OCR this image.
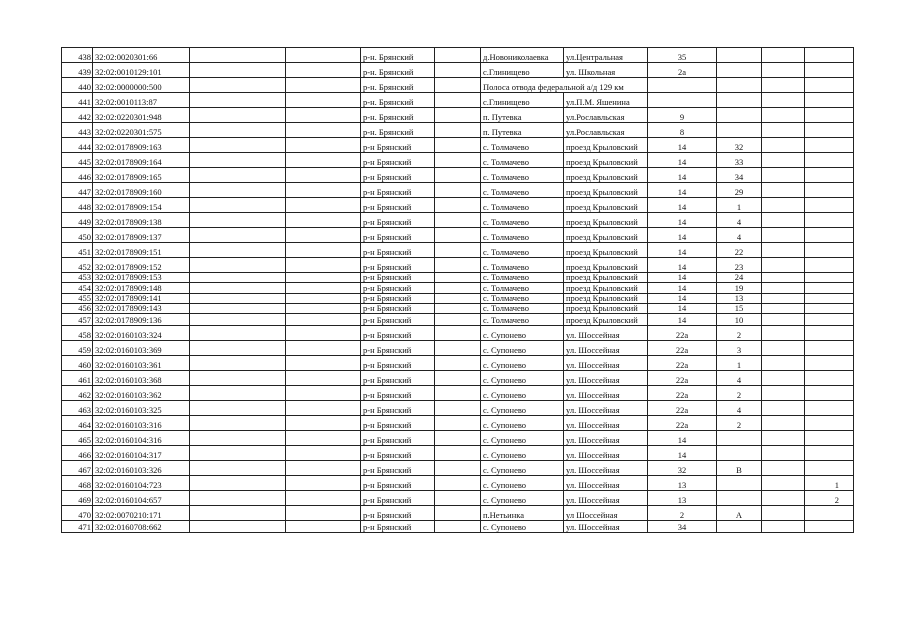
438	32:02:0020301:66			р-н. Брянский		д.Новониколаевка	ул.Центральная	35			
439	32:02:0010129:101			р-н. Брянский		с.Глинищево	ул. Школьная	2а			
440	32:02:0000000:500			р-н. Брянский		Полоса отвода федеральной а/д 129 км					
441	32:02:0010113:87			р-н. Брянский		с.Глинищево	ул.П.М. Яшенина				
442	32:02:0220301:948			р-н. Брянский		п. Путевка	ул.Рославльская	9			
443	32:02:0220301:575			р-н. Брянский		п. Путевка	ул.Рославльская	8			
444	32:02:0178909:163			р-н Брянский		с. Толмачево	проезд Крыловский	14	32		
445	32:02:0178909:164			р-н Брянский		с. Толмачево	проезд Крыловский	14	33		
446	32:02:0178909:165			р-н Брянский		с. Толмачево	проезд Крыловский	14	34		
447	32:02:0178909:160			р-н Брянский		с. Толмачево	проезд Крыловский	14	29		
448	32:02:0178909:154			р-н Брянский		с. Толмачево	проезд Крыловский	14	1		
449	32:02:0178909:138			р-н Брянский		с. Толмачево	проезд Крыловский	14	4		
450	32:02:0178909:137			р-н Брянский		с. Толмачево	проезд Крыловский	14	4		
451	32:02:0178909:151			р-н Брянский		с. Толмачево	проезд Крыловский	14	22		
452	32:02:0178909:152			р-н Брянский		с. Толмачево	проезд Крыловский	14	23		
453	32:02:0178909:153			р-н Брянский		с. Толмачево	проезд Крыловский	14	24		
454	32:02:0178909:148			р-н Брянский		с. Толмачево	проезд Крыловский	14	19		
455	32:02:0178909:141			р-н Брянский		с. Толмачево	проезд Крыловский	14	13		
456	32:02:0178909:143			р-н Брянский		с. Толмачево	проезд Крыловский	14	15		
457	32:02:0178909:136			р-н Брянский		с. Толмачево	проезд Крыловский	14	10		
458	32:02:0160103:324			р-н Брянский		с. Супонево	ул. Шоссейная	22а	2		
459	32:02:0160103:369			р-н Брянский		с. Супонево	ул. Шоссейная	22а	3		
460	32:02:0160103:361			р-н Брянский		с. Супонево	ул. Шоссейная	22а	1		
461	32:02:0160103:368			р-н Брянский		с. Супонево	ул. Шоссейная	22а	4		
462	32:02:0160103:362			р-н Брянский		с. Супонево	ул. Шоссейная	22а	2		
463	32:02:0160103:325			р-н Брянский		с. Супонево	ул. Шоссейная	22а	4		
464	32:02:0160103:316			р-н Брянский		с. Супонево	ул. Шоссейная	22а	2		
465	32:02:0160104:316			р-н Брянский		с. Супонево	ул. Шоссейная	14			
466	32:02:0160104:317			р-н Брянский		с. Супонево	ул. Шоссейная	14			
467	32:02:0160103:326			р-н Брянский		с. Супонево	ул. Шоссейная	32	В		
468	32:02:0160104:723			р-н Брянский		с. Супонево	ул. Шоссейная	13			1
469	32:02:0160104:657			р-н Брянский		с. Супонево	ул. Шоссейная	13			2
470	32:02:0070210:171			р-н Брянский		п.Нетьинка	ул Шоссейная	2	А		
471	32:02:0160708:662			р-н Брянский		с. Супонево	ул. Шоссейная	34			
